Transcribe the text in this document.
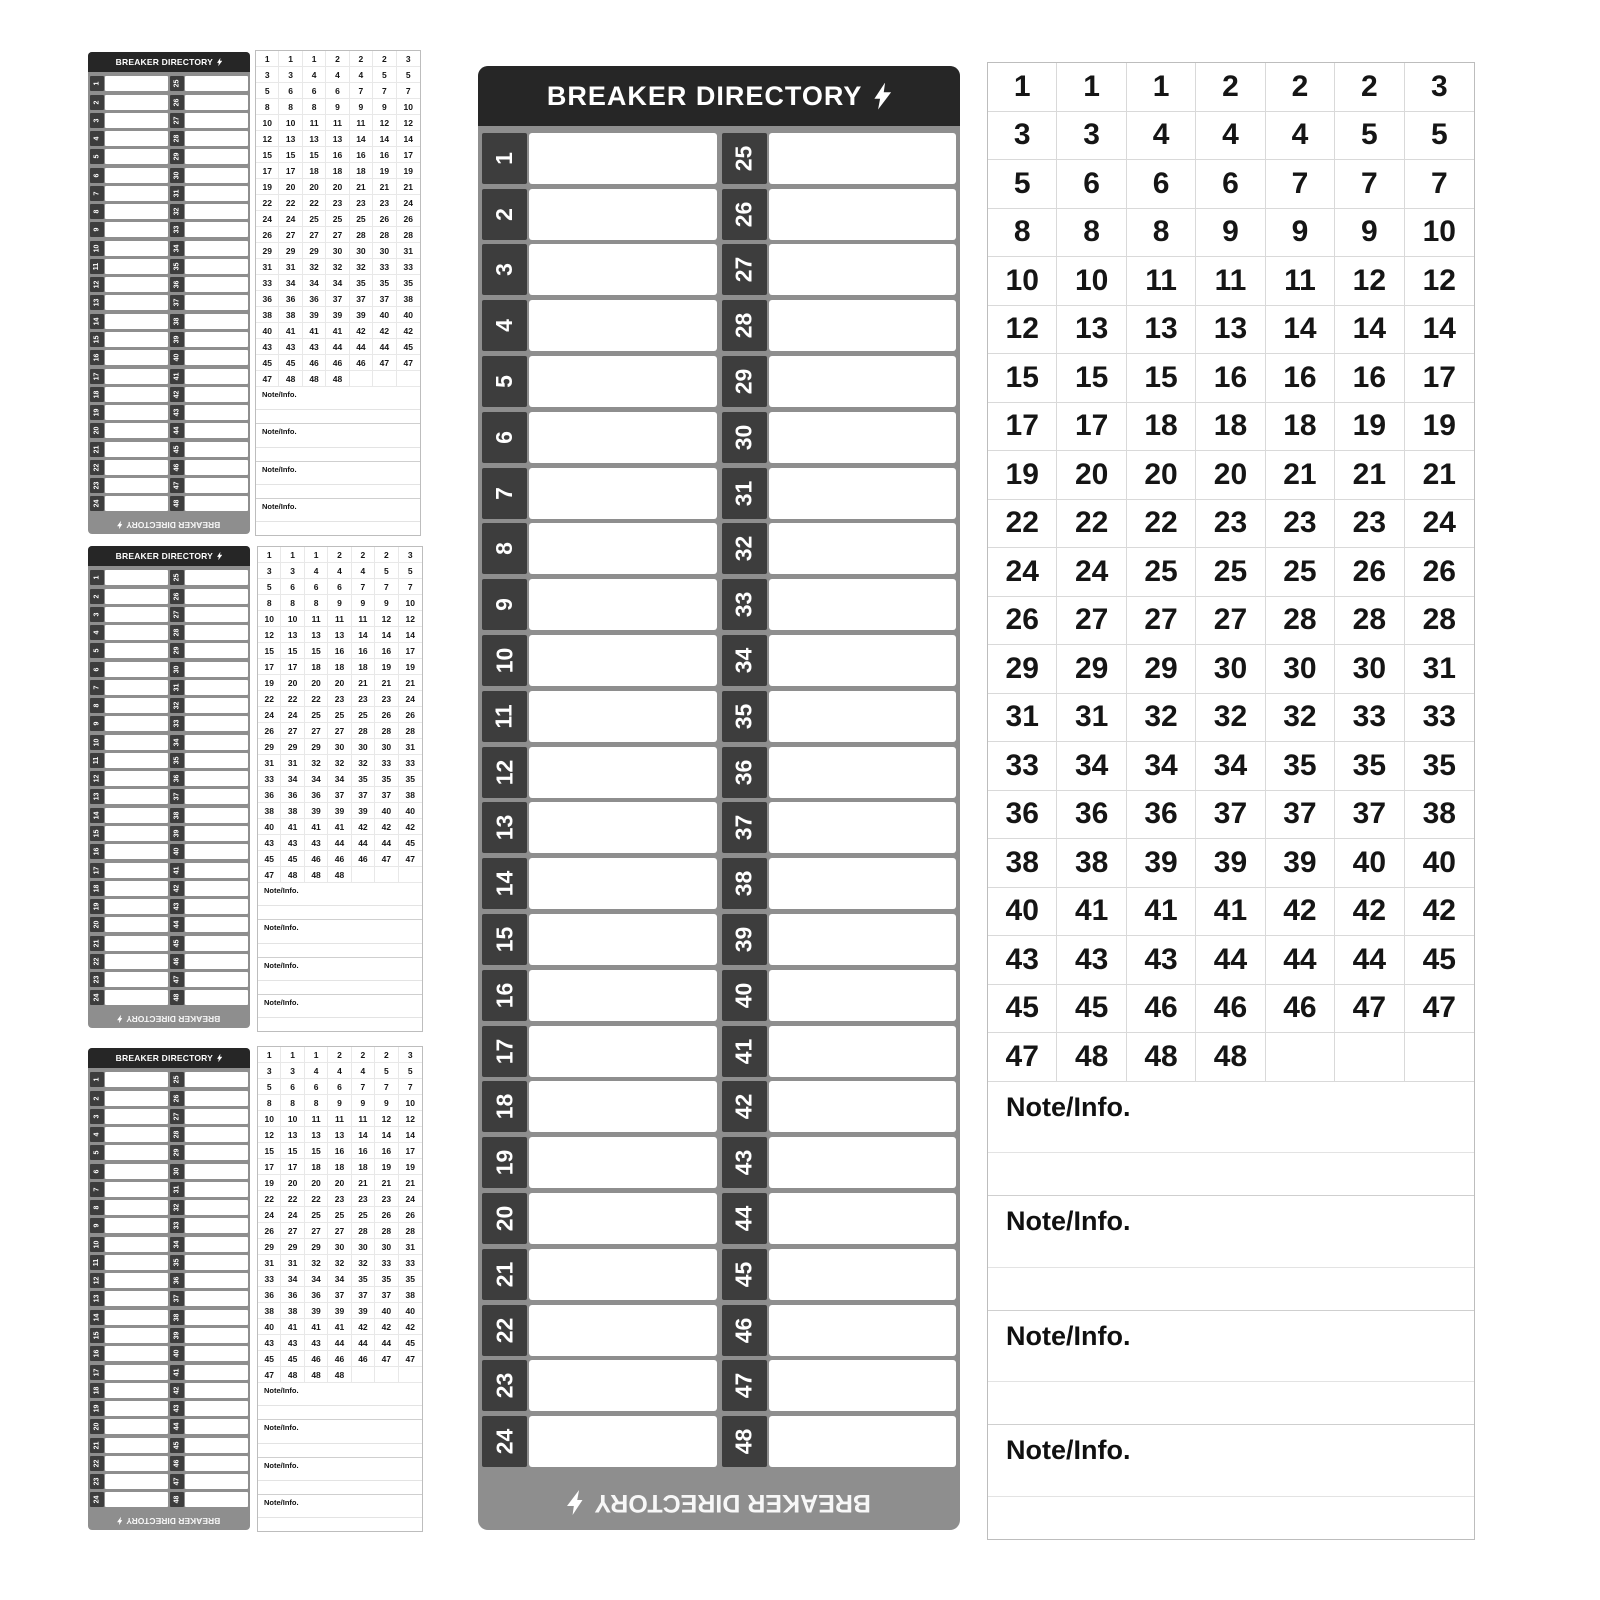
BREAKER DIRECTORY
1	25
2	26
3	27
4	28
5	29
6	30
7	31
8	32
9	33
10	34
11	35
12	36
13	37
14	38
15	39
16	40
17	41
18	42
19	43
20	44
21	45
22	46
23	47
24	48
BREAKER DIRECTORY
1	1	1	2	2	2	3
3	3	4	4	4	5	5
5	6	6	6	7	7	7
8	8	8	9	9	9	10
10	10	11	11	11	12	12
12	13	13	13	14	14	14
15	15	15	16	16	16	17
17	17	18	18	18	19	19
19	20	20	20	21	21	21
22	22	22	23	23	23	24
24	24	25	25	25	26	26
26	27	27	27	28	28	28
29	29	29	30	30	30	31
31	31	32	32	32	33	33
33	34	34	34	35	35	35
36	36	36	37	37	37	38
38	38	39	39	39	40	40
40	41	41	41	42	42	42
43	43	43	44	44	44	45
45	45	46	46	46	47	47
47	48	48	48
Note/Info.
Note/Info.
Note/Info.
Note/Info.
BREAKER DIRECTORY
1	25
2	26
3	27
4	28
5	29
6	30
7	31
8	32
9	33
10	34
11	35
12	36
13	37
14	38
15	39
16	40
17	41
18	42
19	43
20	44
21	45
22	46
23	47
24	48
BREAKER DIRECTORY
1	1	1	2	2	2	3
3	3	4	4	4	5	5
5	6	6	6	7	7	7
8	8	8	9	9	9	10
10	10	11	11	11	12	12
12	13	13	13	14	14	14
15	15	15	16	16	16	17
17	17	18	18	18	19	19
19	20	20	20	21	21	21
22	22	22	23	23	23	24
24	24	25	25	25	26	26
26	27	27	27	28	28	28
29	29	29	30	30	30	31
31	31	32	32	32	33	33
33	34	34	34	35	35	35
36	36	36	37	37	37	38
38	38	39	39	39	40	40
40	41	41	41	42	42	42
43	43	43	44	44	44	45
45	45	46	46	46	47	47
47	48	48	48
Note/Info.
Note/Info.
Note/Info.
Note/Info.
BREAKER DIRECTORY
1	25
2	26
3	27
4	28
5	29
6	30
7	31
8	32
9	33
10	34
11	35
12	36
13	37
14	38
15	39
16	40
17	41
18	42
19	43
20	44
21	45
22	46
23	47
24	48
BREAKER DIRECTORY
1	1	1	2	2	2	3
3	3	4	4	4	5	5
5	6	6	6	7	7	7
8	8	8	9	9	9	10
10	10	11	11	11	12	12
12	13	13	13	14	14	14
15	15	15	16	16	16	17
17	17	18	18	18	19	19
19	20	20	20	21	21	21
22	22	22	23	23	23	24
24	24	25	25	25	26	26
26	27	27	27	28	28	28
29	29	29	30	30	30	31
31	31	32	32	32	33	33
33	34	34	34	35	35	35
36	36	36	37	37	37	38
38	38	39	39	39	40	40
40	41	41	41	42	42	42
43	43	43	44	44	44	45
45	45	46	46	46	47	47
47	48	48	48
Note/Info.
Note/Info.
Note/Info.
Note/Info.
BREAKER DIRECTORY
1	25
2	26
3	27
4	28
5	29
6	30
7	31
8	32
9	33
10	34
11	35
12	36
13	37
14	38
15	39
16	40
17	41
18	42
19	43
20	44
21	45
22	46
23	47
24	48
BREAKER DIRECTORY
1	1	1	2	2	2	3
3	3	4	4	4	5	5
5	6	6	6	7	7	7
8	8	8	9	9	9	10
10	10	11	11	11	12	12
12	13	13	13	14	14	14
15	15	15	16	16	16	17
17	17	18	18	18	19	19
19	20	20	20	21	21	21
22	22	22	23	23	23	24
24	24	25	25	25	26	26
26	27	27	27	28	28	28
29	29	29	30	30	30	31
31	31	32	32	32	33	33
33	34	34	34	35	35	35
36	36	36	37	37	37	38
38	38	39	39	39	40	40
40	41	41	41	42	42	42
43	43	43	44	44	44	45
45	45	46	46	46	47	47
47	48	48	48
Note/Info.
Note/Info.
Note/Info.
Note/Info.
